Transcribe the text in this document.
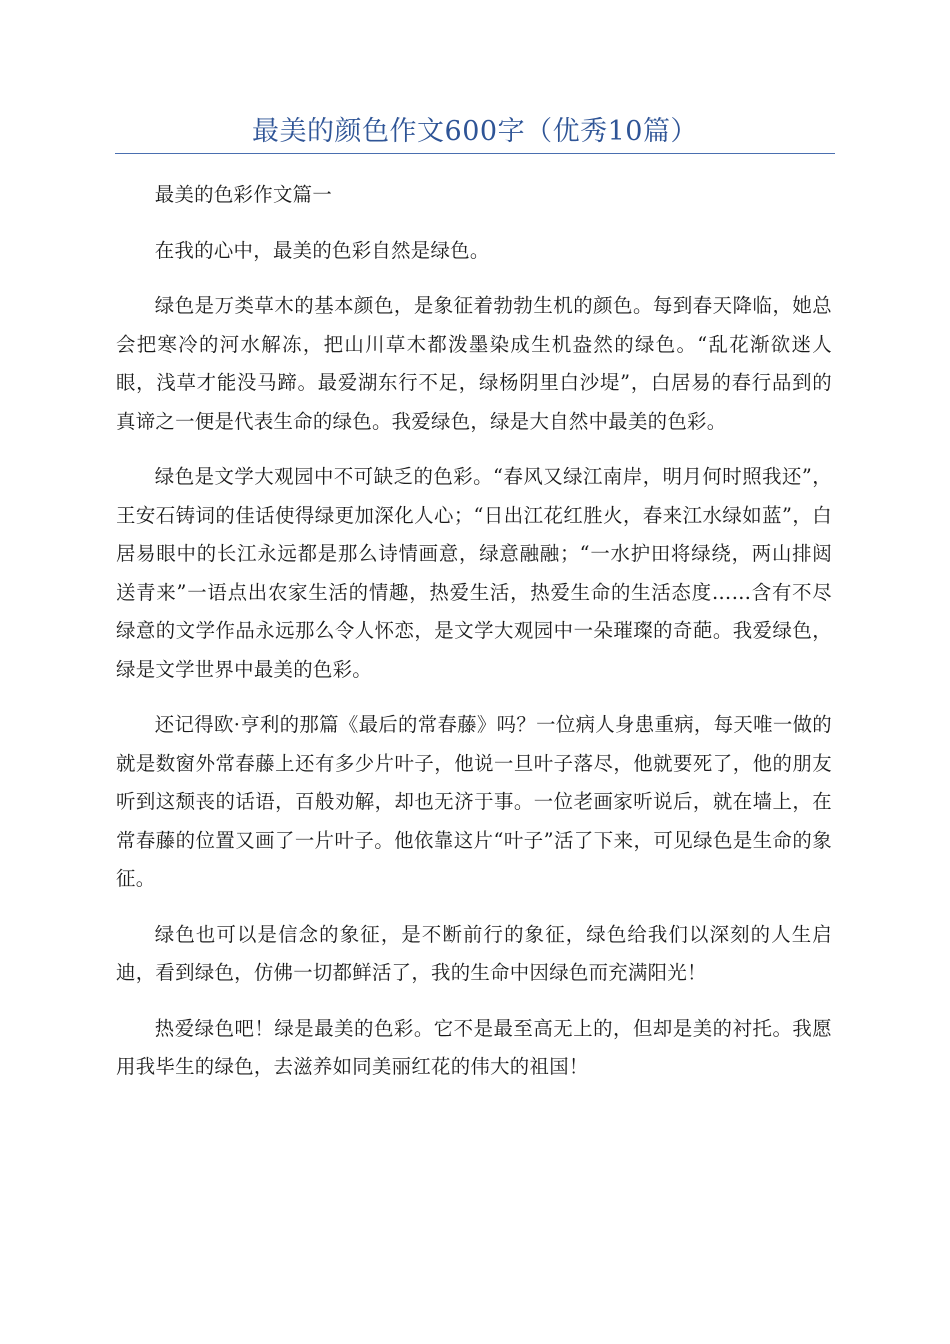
最美的颜色作文600字（优秀10篇）

最美的色彩作文篇一

在我的心中，最美的色彩自然是绿色。

绿色是万类草木的基本颜色，是象征着勃勃生机的颜色。每到春天降临，她总会把寒冷的河水解冻，把山川草木都泼墨染成生机盎然的绿色。“乱花渐欲迷人眼，浅草才能没马蹄。最爱湖东行不足，绿杨阴里白沙堤”，白居易的春行品到的真谛之一便是代表生命的绿色。我爱绿色，绿是大自然中最美的色彩。

绿色是文学大观园中不可缺乏的色彩。“春风又绿江南岸，明月何时照我还”，王安石铸词的佳话使得绿更加深化人心；“日出江花红胜火，春来江水绿如蓝”，白居易眼中的长江永远都是那么诗情画意，绿意融融；“一水护田将绿绕，两山排闼送青来”一语点出农家生活的情趣，热爱生活，热爱生命的生活态度……含有不尽绿意的文学作品永远那么令人怀恋，是文学大观园中一朵璀璨的奇葩。我爱绿色，绿是文学世界中最美的色彩。

还记得欧·亨利的那篇《最后的常春藤》吗？一位病人身患重病，每天唯一做的就是数窗外常春藤上还有多少片叶子，他说一旦叶子落尽，他就要死了，他的朋友听到这颓丧的话语，百般劝解，却也无济于事。一位老画家听说后，就在墙上，在常春藤的位置又画了一片叶子。他依靠这片“叶子”活了下来，可见绿色是生命的象征。

绿色也可以是信念的象征，是不断前行的象征，绿色给我们以深刻的人生启迪，看到绿色，仿佛一切都鲜活了，我的生命中因绿色而充满阳光！

热爱绿色吧！绿是最美的色彩。它不是最至高无上的，但却是美的衬托。我愿用我毕生的绿色，去滋养如同美丽红花的伟大的祖国！
